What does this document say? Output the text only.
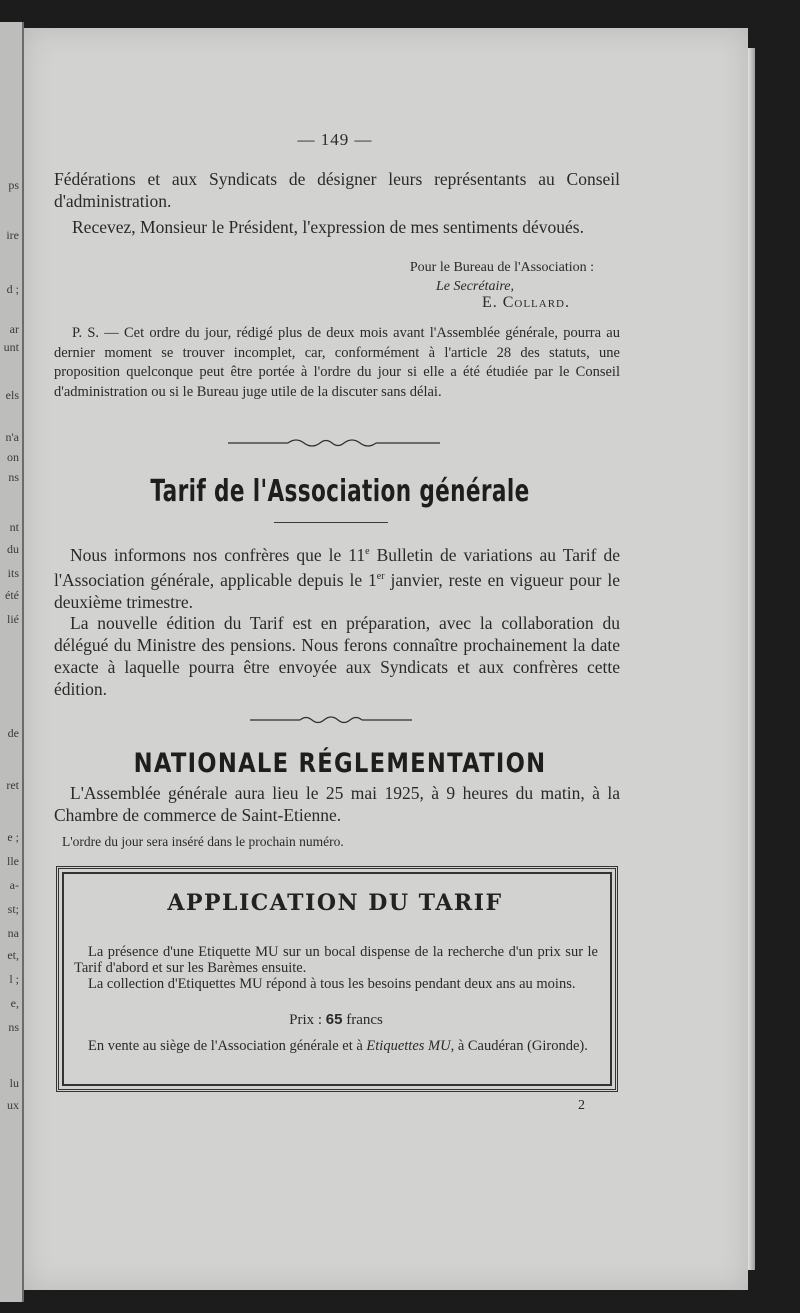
ps
ire
d ;
ar
unt
els
n'a
on
ns
nt
du
its
été
lié
de
ret
e ;
lle
a-
st;
na
et,
l ;
e,
ns
lu
ux
— 149 —
Fédérations et aux Syndicats de désigner leurs représentants au Conseil d'administration.
Recevez, Monsieur le Président, l'expression de mes sentiments dévoués.
Pour le Bureau de l'Association :
Le Secrétaire,
E. Collard.
P. S. — Cet ordre du jour, rédigé plus de deux mois avant l'Assemblée générale, pourra au dernier moment se trouver incomplet, car, conformément à l'article 28 des statuts, une proposition quelconque peut être portée à l'ordre du jour si elle a été étudiée par le Conseil d'administration ou si le Bureau juge utile de la discuter sans délai.
Tarif de l'Association générale
Nous informons nos confrères que le 11e Bulletin de variations au Tarif de l'Association générale, applicable depuis le 1er janvier, reste en vigueur pour le deuxième trimestre.
La nouvelle édition du Tarif est en préparation, avec la collaboration du délégué du Ministre des pensions. Nous ferons connaître prochainement la date exacte à laquelle pourra être envoyée aux Syndicats et aux confrères cette édition.
NATIONALE RÉGLEMENTATION
L'Assemblée générale aura lieu le 25 mai 1925, à 9 heures du matin, à la Chambre de commerce de Saint-Etienne.
L'ordre du jour sera inséré dans le prochain numéro.
APPLICATION DU TARIF
La présence d'une Etiquette MU sur un bocal dispense de la recherche d'un prix sur le Tarif d'abord et sur les Barèmes ensuite.
La collection d'Etiquettes MU répond à tous les besoins pendant deux ans au moins.
Prix : 65 francs
En vente au siège de l'Association générale et à Etiquettes MU, à Caudéran (Gironde).
2
